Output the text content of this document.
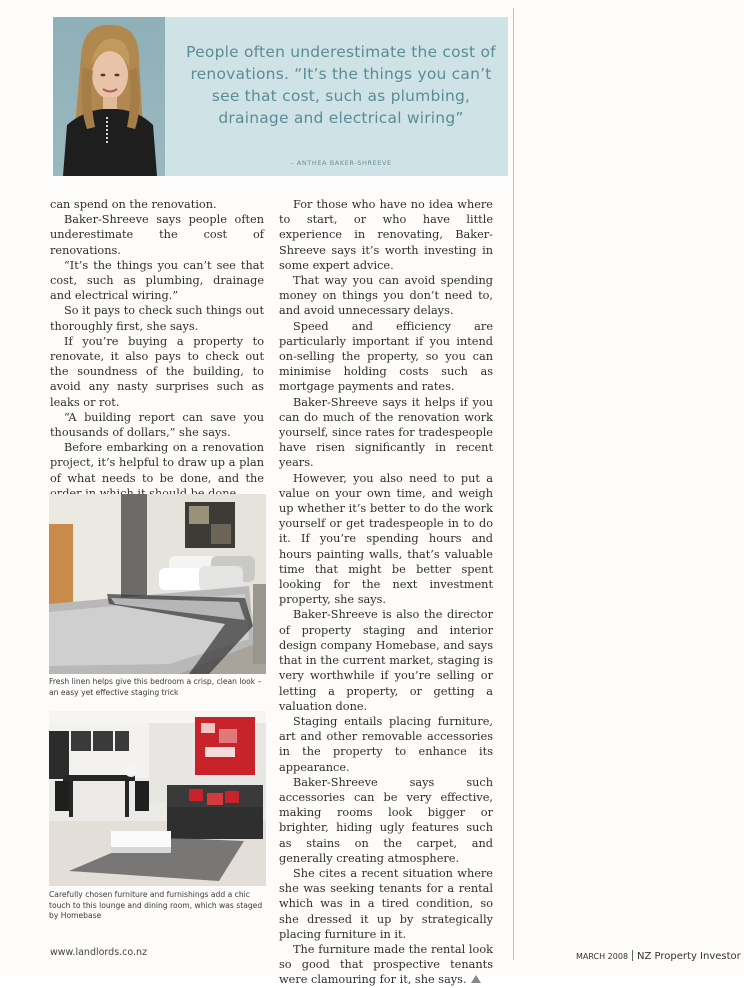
People often underestimate the cost of renovations. “It’s the things you can’t see that cost, such as plumbing, drainage and electrical wiring”
– ANTHEA BAKER-SHREEVE

can spend on the renovation.

Baker-Shreeve says people often underestimate the cost of renovations.

“It’s the things you can’t see that cost, such as plumbing, drainage and electrical wiring.”

So it pays to check such things out thoroughly first, she says.

If you’re buying a property to renovate, it also pays to check out the soundness of the building, to avoid any nasty surprises such as leaks or rot.

“A building report can save you thousands of dollars,” she says.

Before embarking on a renovation project, it’s helpful to draw up a plan of what needs to be done, and the

For those who have no idea where to start, or who have little experience in renovating, Baker-Shreeve says it’s worth investing in some expert advice.

That way you can avoid spending money on things you don’t need to, and avoid unnecessary delays.

Speed and efficiency are particularly important if you intend on-selling the property, so you can minimise holding costs such as mortgage payments and rates.

Baker-Shreeve says it helps if you can do much of the renovation work yourself, since rates for tradespeople have risen significantly in recent years.

However, you also need to put a value on your own time, and weigh up whether it’s better to do the work yourself or get tradespeople in to do it. If you’re spending hours and hours painting walls, that’s valuable time that might be better spent looking for the next investment property, she says.

Baker-Shreeve is also the director of property staging and interior design company Homebase, and says that in the current market, staging is very worthwhile if you’re selling or letting a property, or getting a valuation done.

Staging entails placing furniture, art and other removable accessories in the property to enhance its appearance.

Baker-Shreeve says such accessories can be very effective, making rooms look bigger or brighter, hiding ugly features such as stains on the carpet, and generally creating atmosphere.

She cites a recent situation where she was seeking tenants for a rental which was in a tired condition, so she dressed it up by strategically placing furniture in it.

The furniture made the rental look so good that prospective tenants were clamouring for it, she says.

Fresh linen helps give this bedroom a crisp, clean look – an easy yet effective staging trick
Carefully chosen furniture and furnishings add a chic touch to this lounge and dining room, which was staged by Homebase
www.landlords.co.nz	MARCH 2008 NZ Property Investor
